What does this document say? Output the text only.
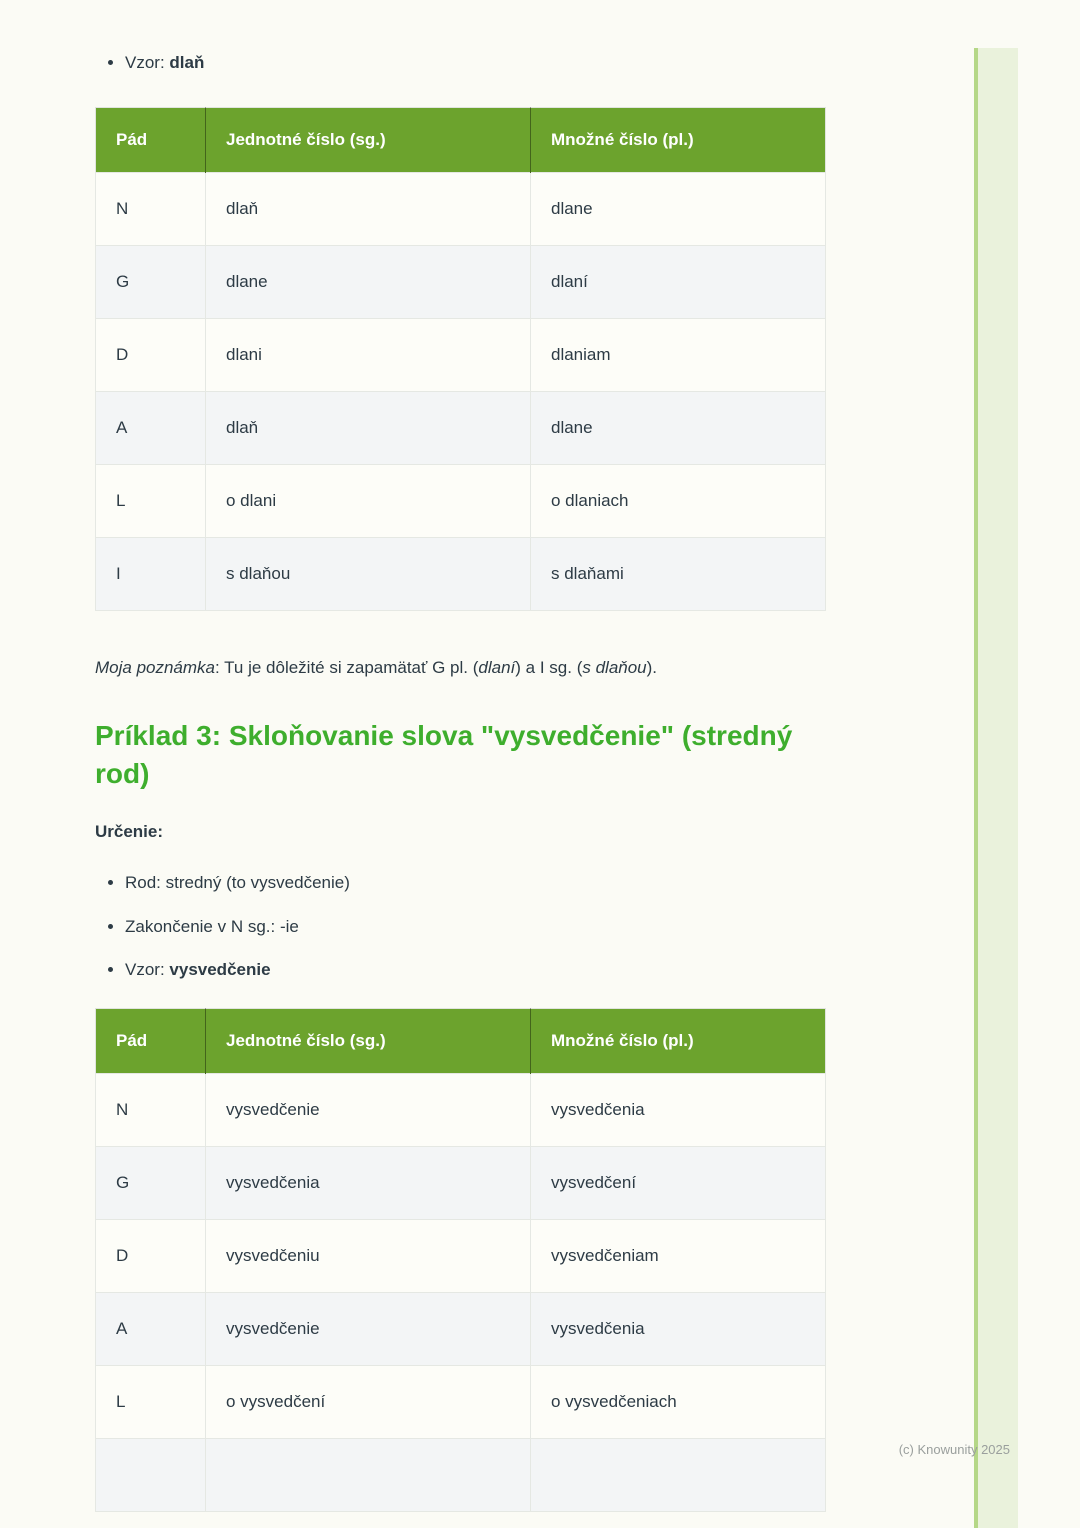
• Vzor: dlaň
Pád	Jednotné číslo (sg.)	Množné číslo (pl.)
N	dlaň	dlane
G	dlane	dlaní
D	dlani	dlaniam
A	dlaň	dlane
L	o dlani	o dlaniach
I	s dlaňou	s dlaňami

Moja poznámka: Tu je dôležité si zapamätať G pl. (dlaní) a I sg. (s dlaňou).

Príklad 3: Skloňovanie slova "vysvedčenie" (stredný rod)

Určenie:

• Rod: stredný (to vysvedčenie)
• Zakončenie v N sg.: -ie
• Vzor: vysvedčenie
Pád	Jednotné číslo (sg.)	Množné číslo (pl.)
N	vysvedčenie	vysvedčenia
G	vysvedčenia	vysvedčení
D	vysvedčeniu	vysvedčeniam
A	vysvedčenie	vysvedčenia
L	o vysvedčení	o vysvedčeniach

(c) Knowunity 2025
